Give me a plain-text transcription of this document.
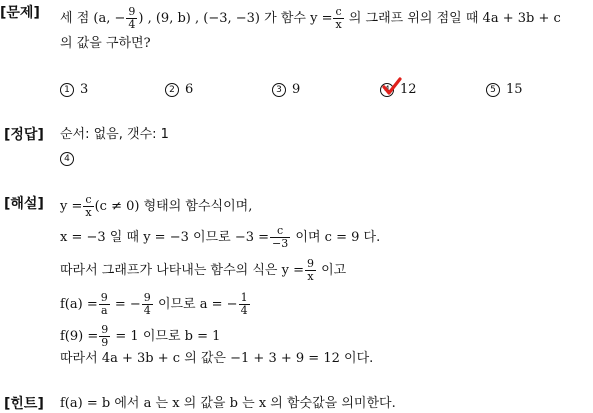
[문제]
[정답]
[해설]
[힌트]
세 점 (a, − $\frac{9}{4}$ ) , (9, b) , (−3, −3) 가 함수 $y = \frac{c}{x}$ 의 그래프 위의 점일 때 4a + 3b + c
의 값을 구하면?
1 3	2 6	3 9	4 12	5 15
순서: 없음, 갯수: 1
4
$y = \frac{c}{x} (c \ne 0)$ 형태의 함수식이며,
x = −3 일 때 y = −3 이므로 $-3 = \frac{c}{-3}$ 이며 c = 9 다.
따라서 그래프가 나타내는 함수의 식은 $y = \frac{9}{x}$ 이고
$f(a) = \frac{9}{a}$ = − $\frac{9}{4}$ 이므로 a = − $\frac{1}{4}$
$f(9) = \frac{9}{9} = 1$ 이므로 b = 1
따라서 4a + 3b + c 의 값은 −1 + 3 + 9 = 12 이다.
f(a) = b 에서 a 는 x 의 값을 b 는 x 의 함숫값을 의미한다.
